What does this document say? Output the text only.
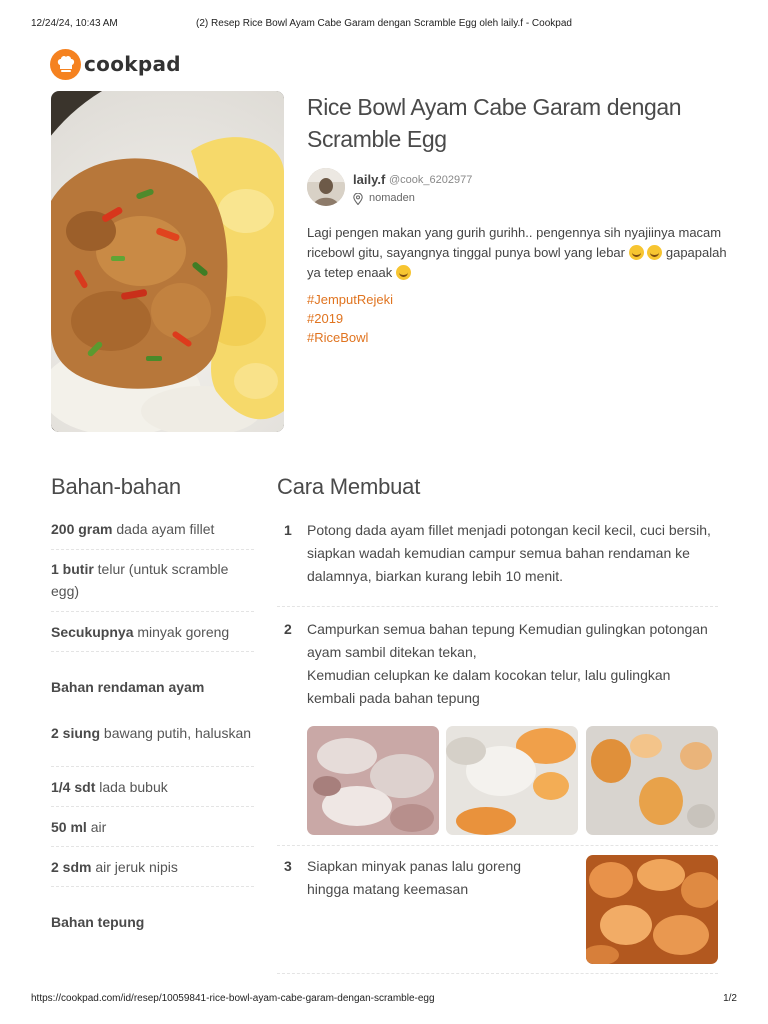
12/24/24, 10:43 AM	(2) Resep Rice Bowl Ayam Cabe Garam dengan Scramble Egg oleh laily.f - Cookpad
cookpad
Rice Bowl Ayam Cabe Garam dengan Scramble Egg
laily.f @cook_6202977
nomaden
Lagi pengen makan yang gurih gurihh.. pengennya sih nyajiinya macam ricebowl gitu, sayangnya tinggal punya bowl yang lebar	gapapalah ya tetep enaak
#JemputRejeki
#2019
#RiceBowl
Bahan-bahan
200 gram dada ayam fillet
1 butir telur (untuk scramble egg)
Secukupnya minyak goreng
Bahan rendaman ayam
2 siung bawang putih, haluskan
1/4 sdt lada bubuk
50 ml air
2 sdm air jeruk nipis
Bahan tepung
Cara Membuat
1 Potong dada ayam fillet menjadi potongan kecil kecil, cuci bersih, siapkan wadah kemudian campur semua bahan rendaman ke dalamnya, biarkan kurang lebih 10 menit.
2 Campurkan semua bahan tepung Kemudian gulingkan potongan ayam sambil ditekan tekan,
Kemudian celupkan ke dalam kocokan telur, lalu gulingkan kembali pada bahan tepung
3 Siapkan minyak panas lalu goreng hingga matang keemasan
https://cookpad.com/id/resep/10059841-rice-bowl-ayam-cabe-garam-dengan-scramble-egg	1/2
